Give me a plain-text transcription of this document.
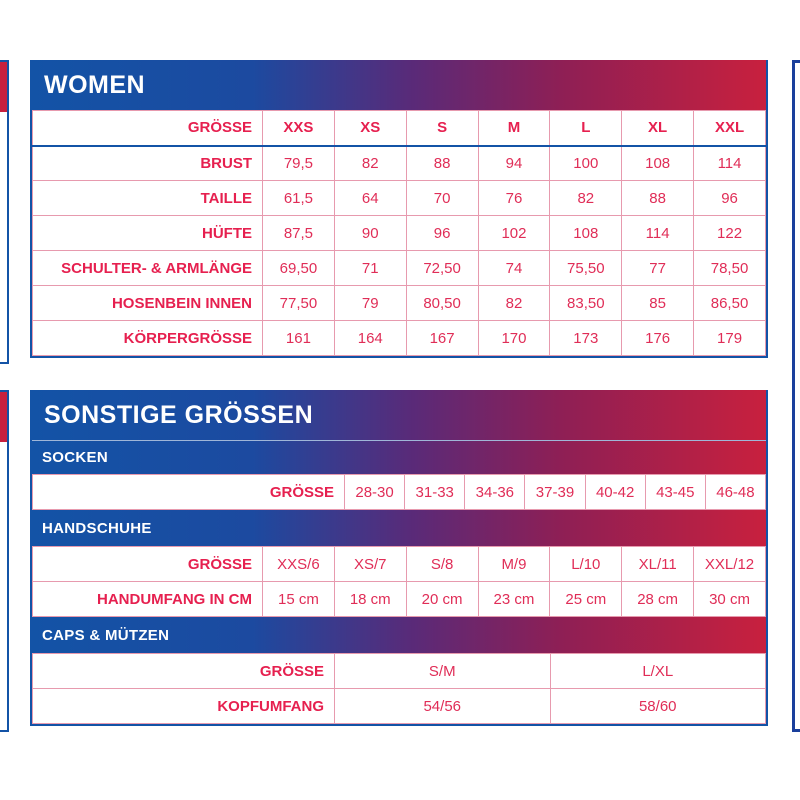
WOMEN
GRÖSSE	XXS	XS	S	M	L	XL	XXL
BRUST	79,5	82	88	94	100	108	114
TAILLE	61,5	64	70	76	82	88	96
HÜFTE	87,5	90	96	102	108	114	122
SCHULTER- & ARMLÄNGE	69,50	71	72,50	74	75,50	77	78,50
HOSENBEIN INNEN	77,50	79	80,50	82	83,50	85	86,50
KÖRPERGRÖSSE	161	164	167	170	173	176	179
SONSTIGE GRÖSSEN
SOCKEN
GRÖSSE	28-30	31-33	34-36	37-39	40-42	43-45	46-48
HANDSCHUHE
GRÖSSE	XXS/6	XS/7	S/8	M/9	L/10	XL/11	XXL/12
HANDUMFANG IN CM	15 cm	18 cm	20 cm	23 cm	25 cm	28 cm	30 cm
CAPS & MÜTZEN
GRÖSSE	S/M	L/XL
KOPFUMFANG	54/56	58/60
